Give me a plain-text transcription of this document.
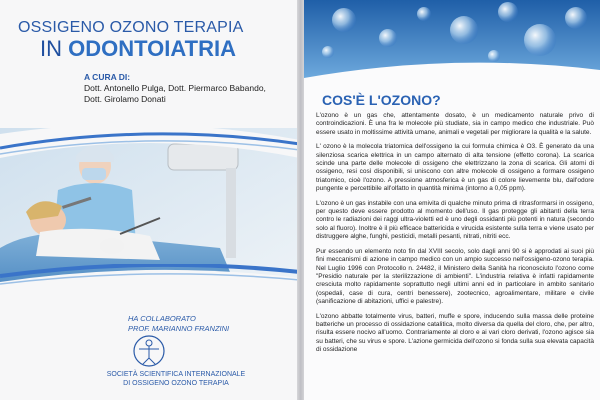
OSSIGENO OZONO TERAPIA
IN ODONTOIATRIA
A CURA DI:
Dott. Antonello Pulga, Dott. Piermarco Babando,
Dott. Girolamo Donati
HA COLLABORATO
PROF. MARIANNO FRANZINI
SOCIETÀ SCIENTIFICA INTERNAZIONALE
DI OSSIGENO OZONO TERAPIA
COS'È L'OZONO?

L'ozono è un gas che, attentamente dosato, è un medicamento naturale privo di controindicazioni. È una fra le molecole più studiate, sia in campo medico che industriale. Può essere usato in moltissime attività umane, animali e vegetali per migliorare la qualità e la salute.

L' ozono è la molecola triatomica dell'ossigeno la cui formula chimica è O3. È generato da una silenziosa scarica elettrica in un campo alternato di alta tensione (effetto corona). La scarica scinde una parte delle molecole di ossigeno che elettrizzano la zona di scarica. Gli atomi di ossigeno, resi così disponibili, si uniscono con altre molecole di ossigeno a formare ossigeno triatomico, cioè l'ozono. A pressione atmosferica è un gas di colore lievemente blu, dall'odore pungente e percettibile all'olfatto in quantità minima (intorno a 0,05 ppm).

L'ozono è un gas instabile con una emivita di qualche minuto prima di ritrasformarsi in ossigeno, per questo deve essere prodotto al momento dell'uso. Il gas protegge gli abitanti della terra contro le radiazioni dei raggi ultra-violetti ed è uno degli ossidanti più potenti in natura (secondo solo al fluoro). Inoltre è il più efficace battericida e virucida esistente sulla terra e viene usato per distruggere alghe, funghi, pesticidi, metalli pesanti, nitrati, nitriti ecc.

Pur essendo un elemento noto fin dal XVIII secolo, solo dagli anni 90 si è approdati ai suoi più fini meccanismi di azione in campo medico con un ampio successo nell'ossigeno-ozono terapia. Nel Luglio 1996 con Protocollo n. 24482, il Ministero della Sanità ha riconosciuto l'ozono come "Presidio naturale per la sterilizzazione di ambienti". L'industria relativa è infatti rapidamente cresciuta molto rapidamente soprattutto negli ultimi anni ed in particolare in ambito sanitario (ospedali, case di cura, centri benessere), zootecnico, agroalimentare, militare e civile (sanificazione di abitazioni, uffici e palestre).

L'ozono abbatte totalmente virus, batteri, muffe e spore, inducendo sulla massa delle proteine batteriche un processo di ossidazione catalitica, molto diversa da quella del cloro, che, per altro, risulta essere nocivo all'uomo. Contrariamente al cloro e ai vari cloro derivati, l'ozono agisce sia su batteri, che su virus e spore. L'azione germicida dell'ozono si fonda sulla sua elevata capacità di ossidazione
